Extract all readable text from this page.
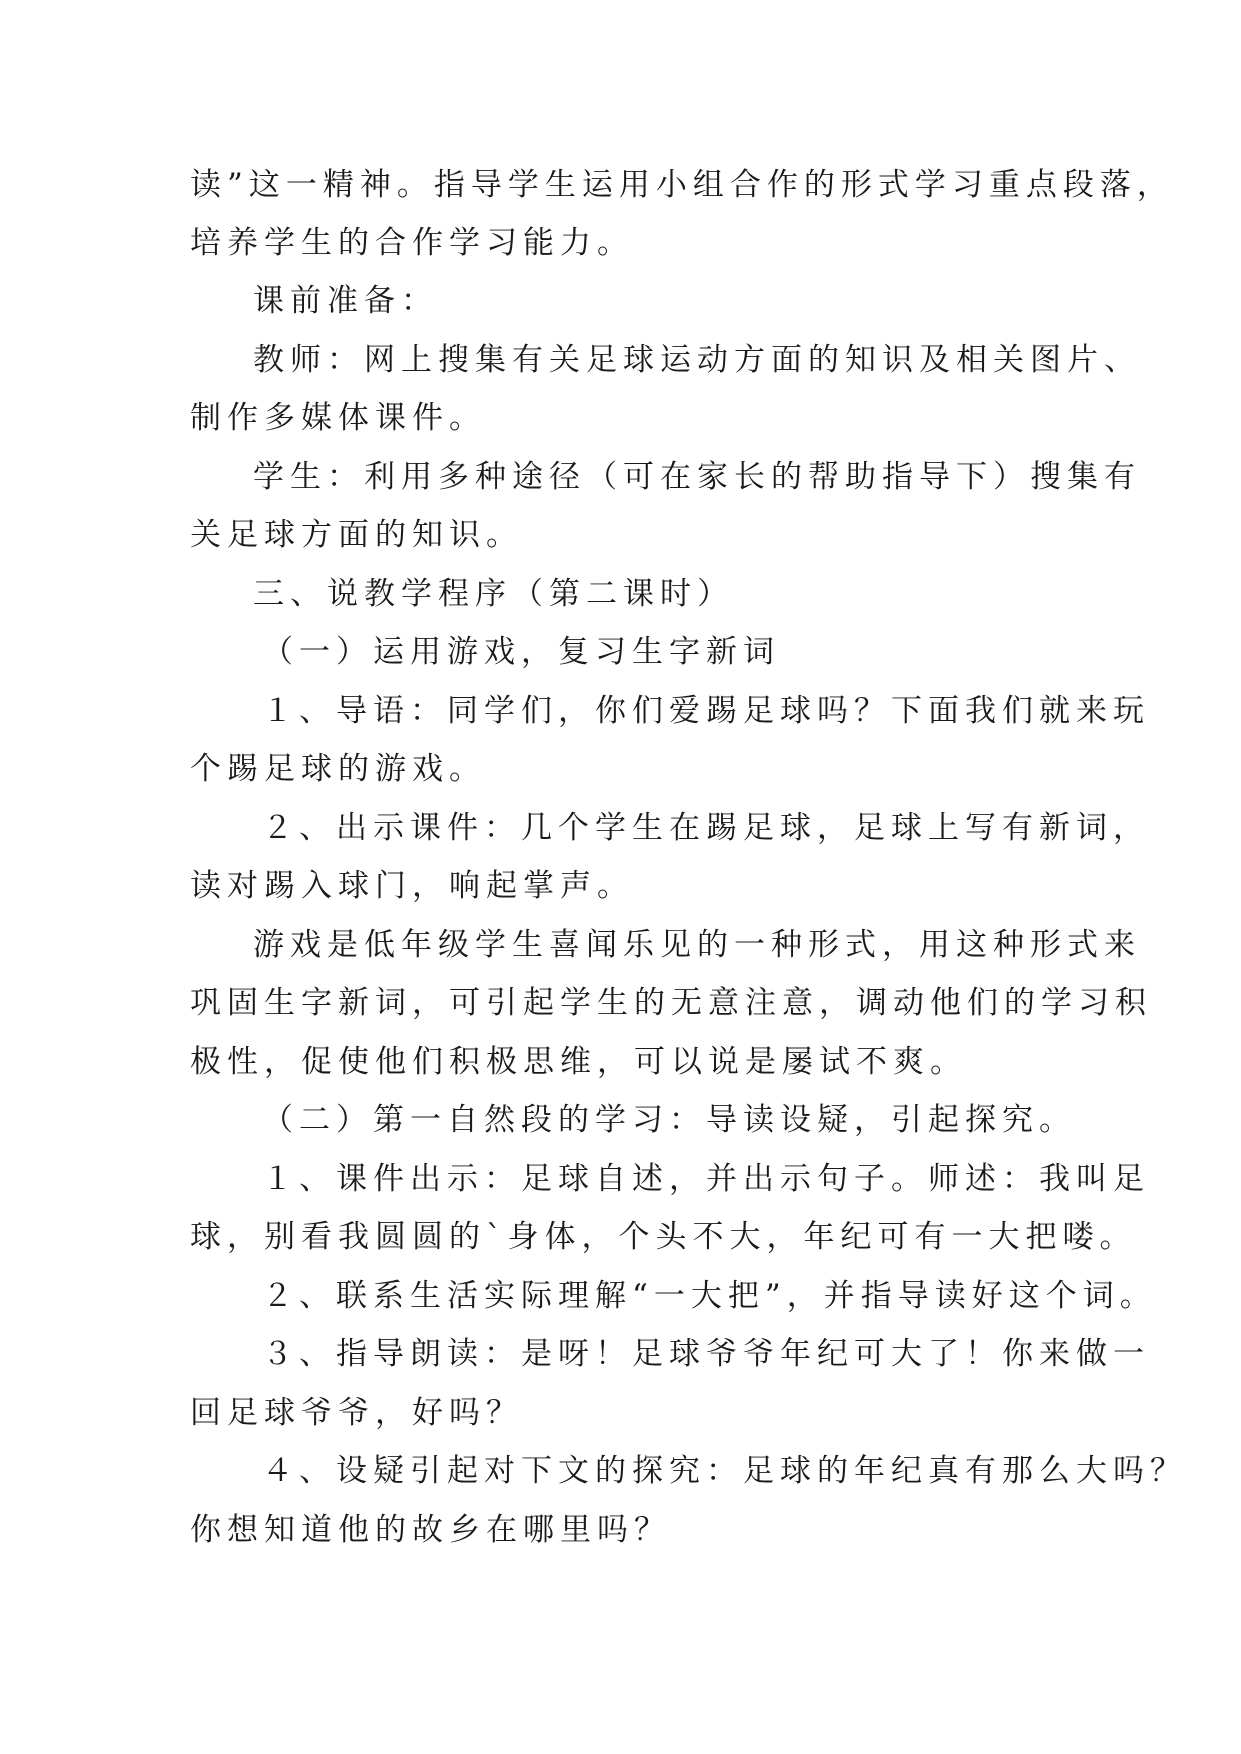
读”这一精神。指导学生运用小组合作的形式学习重点段落，
培养学生的合作学习能力。
课前准备：
教师：网上搜集有关足球运动方面的知识及相关图片、
制作多媒体课件。
学生：利用多种途径（可在家长的帮助指导下）搜集有
关足球方面的知识。
三、说教学程序（第二课时）
（一）运用游戏，复习生字新词
１、导语：同学们，你们爱踢足球吗？下面我们就来玩
个踢足球的游戏。
２、出示课件：几个学生在踢足球，足球上写有新词，
读对踢入球门，响起掌声。
游戏是低年级学生喜闻乐见的一种形式，用这种形式来
巩固生字新词，可引起学生的无意注意，调动他们的学习积
极性，促使他们积极思维，可以说是屡试不爽。
（二）第一自然段的学习：导读设疑，引起探究。
１、课件出示：足球自述，并出示句子。师述：我叫足
球，别看我圆圆的`身体，个头不大，年纪可有一大把喽。
２、联系生活实际理解“一大把”，并指导读好这个词。
３、指导朗读：是呀！足球爷爷年纪可大了！你来做一
回足球爷爷，好吗？
４、设疑引起对下文的探究：足球的年纪真有那么大吗？
你想知道他的故乡在哪里吗？
